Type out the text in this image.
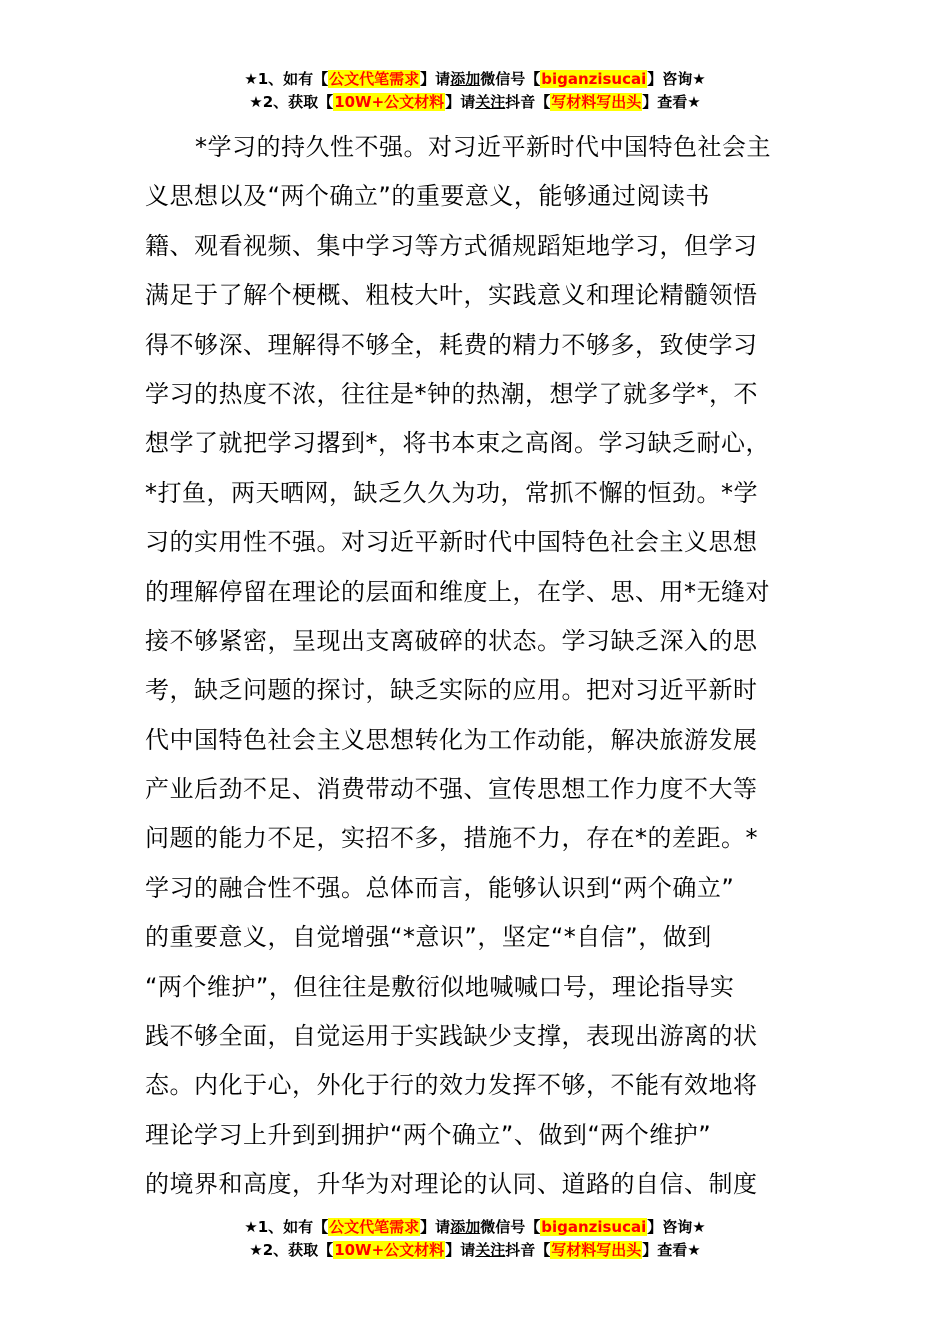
★1、如有【公文代笔需求】请添加微信号【biganzisucai】咨询★
★2、获取【10W+公文材料】请关注抖音【写材料写出头】查看★
*学习的持久性不强。对习近平新时代中国特色社会主
义思想以及“两个确立”的重要意义，能够通过阅读书
籍、观看视频、集中学习等方式循规蹈矩地学习，但学习
满足于了解个梗概、粗枝大叶，实践意义和理论精髓领悟
得不够深、理解得不够全，耗费的精力不够多，致使学习
学习的热度不浓，往往是*钟的热潮，想学了就多学*，不
想学了就把学习撂到*，将书本束之高阁。学习缺乏耐心，
*打鱼，两天晒网，缺乏久久为功，常抓不懈的恒劲。*学
习的实用性不强。对习近平新时代中国特色社会主义思想
的理解停留在理论的层面和维度上，在学、思、用*无缝对
接不够紧密，呈现出支离破碎的状态。学习缺乏深入的思
考，缺乏问题的探讨，缺乏实际的应用。把对习近平新时
代中国特色社会主义思想转化为工作动能，解决旅游发展
产业后劲不足、消费带动不强、宣传思想工作力度不大等
问题的能力不足，实招不多，措施不力，存在*的差距。*
学习的融合性不强。总体而言，能够认识到“两个确立”
的重要意义，自觉增强“*意识”，坚定“*自信”，做到
“两个维护”，但往往是敷衍似地喊喊口号，理论指导实
践不够全面，自觉运用于实践缺少支撑，表现出游离的状
态。内化于心，外化于行的效力发挥不够，不能有效地将
理论学习上升到到拥护“两个确立”、做到“两个维护”
的境界和高度，升华为对理论的认同、道路的自信、制度
★1、如有【公文代笔需求】请添加微信号【biganzisucai】咨询★
★2、获取【10W+公文材料】请关注抖音【写材料写出头】查看★
